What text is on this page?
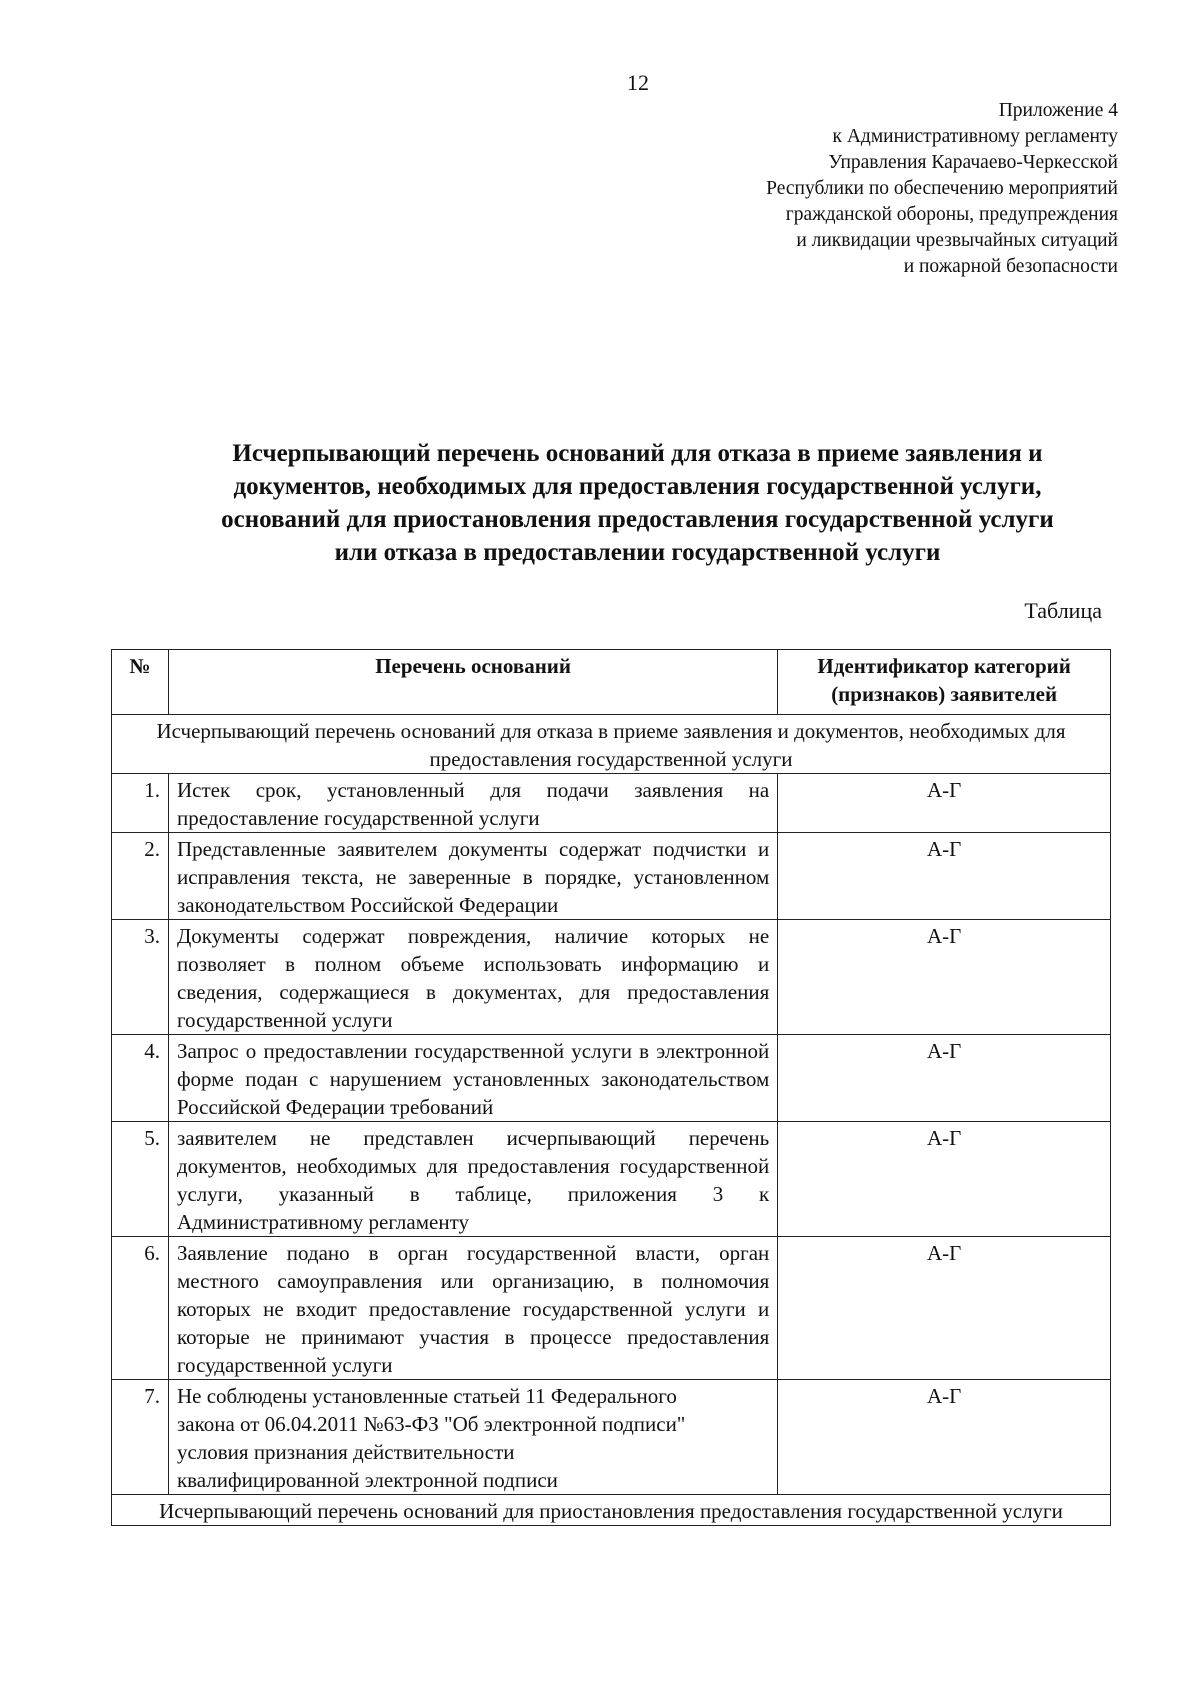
12
Приложение 4
к Административному регламенту
Управления Карачаево-Черкесской
Республики по обеспечению мероприятий
гражданской обороны, предупреждения
и ликвидации чрезвычайных ситуаций
и пожарной безопасности
Исчерпывающий перечень оснований для отказа в приеме заявления и
документов, необходимых для предоставления государственной услуги,
оснований для приостановления предоставления государственной услуги
или отказа в предоставлении государственной услуги
Таблица
№	Перечень оснований	Идентификатор категорий (признаков) заявителей
Исчерпывающий перечень оснований для отказа в приеме заявления и документов, необходимых для предоставления государственной услуги		
1.	Истек срок, установленный для подачи заявления на предоставление государственной услуги	А-Г
2.	Представленные заявителем документы содержат подчистки и исправления текста, не заверенные в порядке, установленном законодательством Российской Федерации	А-Г
3.	Документы содержат повреждения, наличие которых не позволяет в полном объеме использовать информацию и сведения, содержащиеся в документах, для предоставления государственной услуги	А-Г
4.	Запрос о предоставлении государственной услуги в электронной форме подан с нарушением установленных законодательством Российской Федерации требований	А-Г
5.	заявителем не представлен исчерпывающий перечень документов, необходимых для предоставления государственной услуги, указанный в таблице, приложения 3 к Административному регламенту	А-Г
6.	Заявление подано в орган государственной власти, орган местного самоуправления или организацию, в полномочия которых не входит предоставление государственной услуги и которые не принимают участия в процессе предоставления государственной услуги	А-Г
7.	Не соблюдены установленные статьей 11 Федерального
закона от 06.04.2011 №63-ФЗ "Об электронной подписи"
условия признания действительности
квалифицированной электронной подписи	А-Г
Исчерпывающий перечень оснований для приостановления предоставления государственной услуги		
